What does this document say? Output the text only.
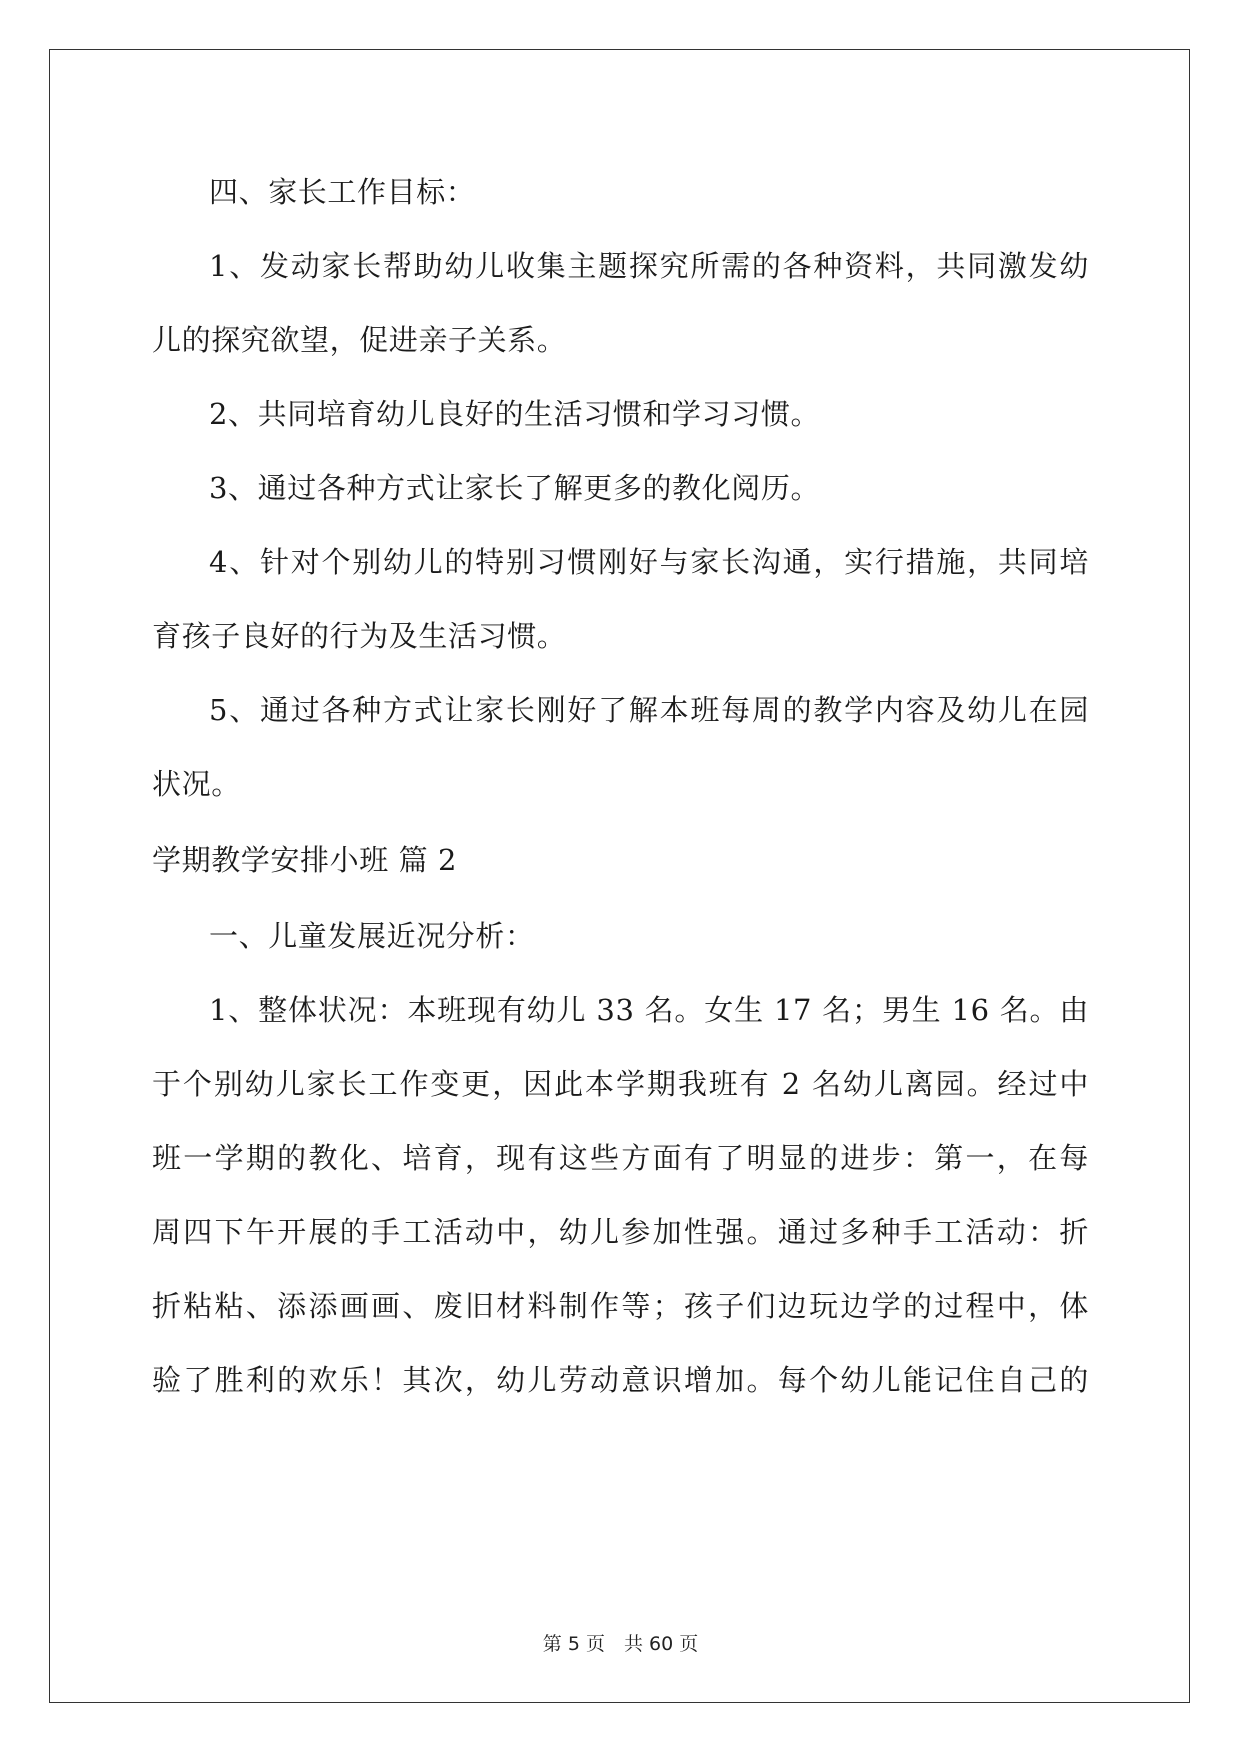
四、家长工作目标：
1、发动家长帮助幼儿收集主题探究所需的各种资料，共同激发幼
儿的探究欲望，促进亲子关系。
2、共同培育幼儿良好的生活习惯和学习习惯。
3、通过各种方式让家长了解更多的教化阅历。
4、针对个别幼儿的特别习惯刚好与家长沟通，实行措施，共同培
育孩子良好的行为及生活习惯。
5、通过各种方式让家长刚好了解本班每周的教学内容及幼儿在园
状况。
学期教学安排小班 篇 2
一、儿童发展近况分析：
1、整体状况：本班现有幼儿 33 名。女生 17 名；男生 16 名。由
于个别幼儿家长工作变更，因此本学期我班有 2 名幼儿离园。经过中
班一学期的教化、培育，现有这些方面有了明显的进步：第一，在每
周四下午开展的手工活动中，幼儿参加性强。通过多种手工活动：折
折粘粘、添添画画、废旧材料制作等；孩子们边玩边学的过程中，体
验了胜利的欢乐！其次，幼儿劳动意识增加。每个幼儿能记住自己的
第 5 页　共 60 页
